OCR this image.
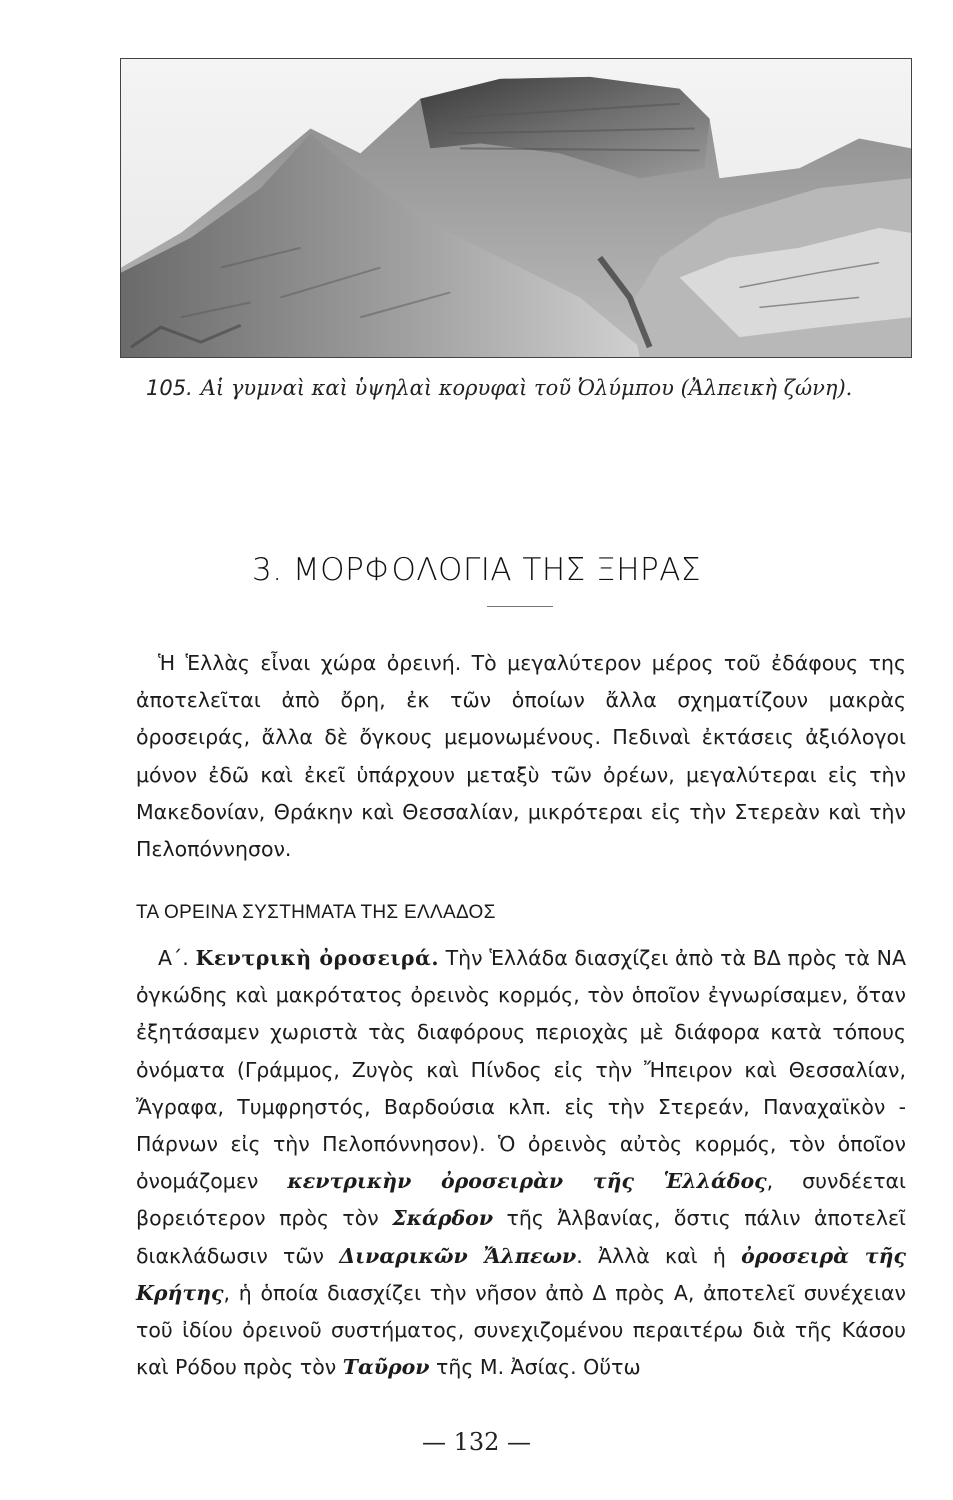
105. Αἱ γυμναὶ καὶ ὑψηλαὶ κορυφαὶ τοῦ Ὀλύμπου (Ἀλπεικὴ ζώνη).
3. ΜΟΡΦΟΛΟΓΙΑ ΤΗΣ ΞΗΡΑΣ

Ἡ Ἑλλὰς εἶναι χώρα ὀρεινή. Τὸ μεγαλύτερον μέρος τοῦ ἐδάφους της ἀποτελεῖται ἀπὸ ὄρη, ἐκ τῶν ὁποίων ἄλλα σχηματίζουν μακρὰς ὀροσειράς, ἄλλα δὲ ὄγκους μεμονωμένους. Πεδιναὶ ἐκτάσεις ἀξιόλογοι μόνον ἐδῶ καὶ ἐκεῖ ὑπάρχουν μεταξὺ τῶν ὀρέων, μεγαλύτεραι εἰς τὴν Μακεδονίαν, Θράκην καὶ Θεσσαλίαν, μικρότεραι εἰς τὴν Στερεὰν καὶ τὴν Πελοπόννησον.

ΤΑ ΟΡΕΙΝΑ ΣΥΣΤΗΜΑΤΑ ΤΗΣ ΕΛΛΑΔΟΣ

Α΄. Κεντρικὴ ὀροσειρά. Τὴν Ἑλλάδα διασχίζει ἀπὸ τὰ ΒΔ πρὸς τὰ ΝΑ ὀγκώδης καὶ μακρότατος ὀρεινὸς κορμός, τὸν ὁποῖον ἐγνωρίσαμεν, ὅταν ἐξητάσαμεν χωριστὰ τὰς διαφόρους περιοχὰς μὲ διάφορα κατὰ τόπους ὀνόματα (Γράμμος, Ζυγὸς καὶ Πίνδος εἰς τὴν Ἤπειρον καὶ Θεσσαλίαν, Ἄγραφα, Τυμφρηστός, Βαρδούσια κλπ. εἰς τὴν Στερεάν, Παναχαϊκὸν - Πάρνων εἰς τὴν Πελοπόννησον). Ὁ ὀρεινὸς αὐτὸς κορμός, τὸν ὁποῖον ὀνομάζομεν κεντρικὴν ὀροσειρὰν τῆς Ἑλλάδος, συνδέεται βορειότερον πρὸς τὸν Σκάρδον τῆς Ἀλβανίας, ὅστις πάλιν ἀποτελεῖ διακλάδωσιν τῶν Διναρικῶν Ἄλπεων. Ἀλλὰ καὶ ἡ ὀροσειρὰ τῆς Κρήτης, ἡ ὁποία διασχίζει τὴν νῆσον ἀπὸ Δ πρὸς Α, ἀποτελεῖ συνέχειαν τοῦ ἰδίου ὀρεινοῦ συστήματος, συνεχιζομένου περαιτέρω διὰ τῆς Κάσου καὶ Ρόδου πρὸς τὸν Ταῦρον τῆς Μ. Ἀσίας. Οὕτω

— 132 —
